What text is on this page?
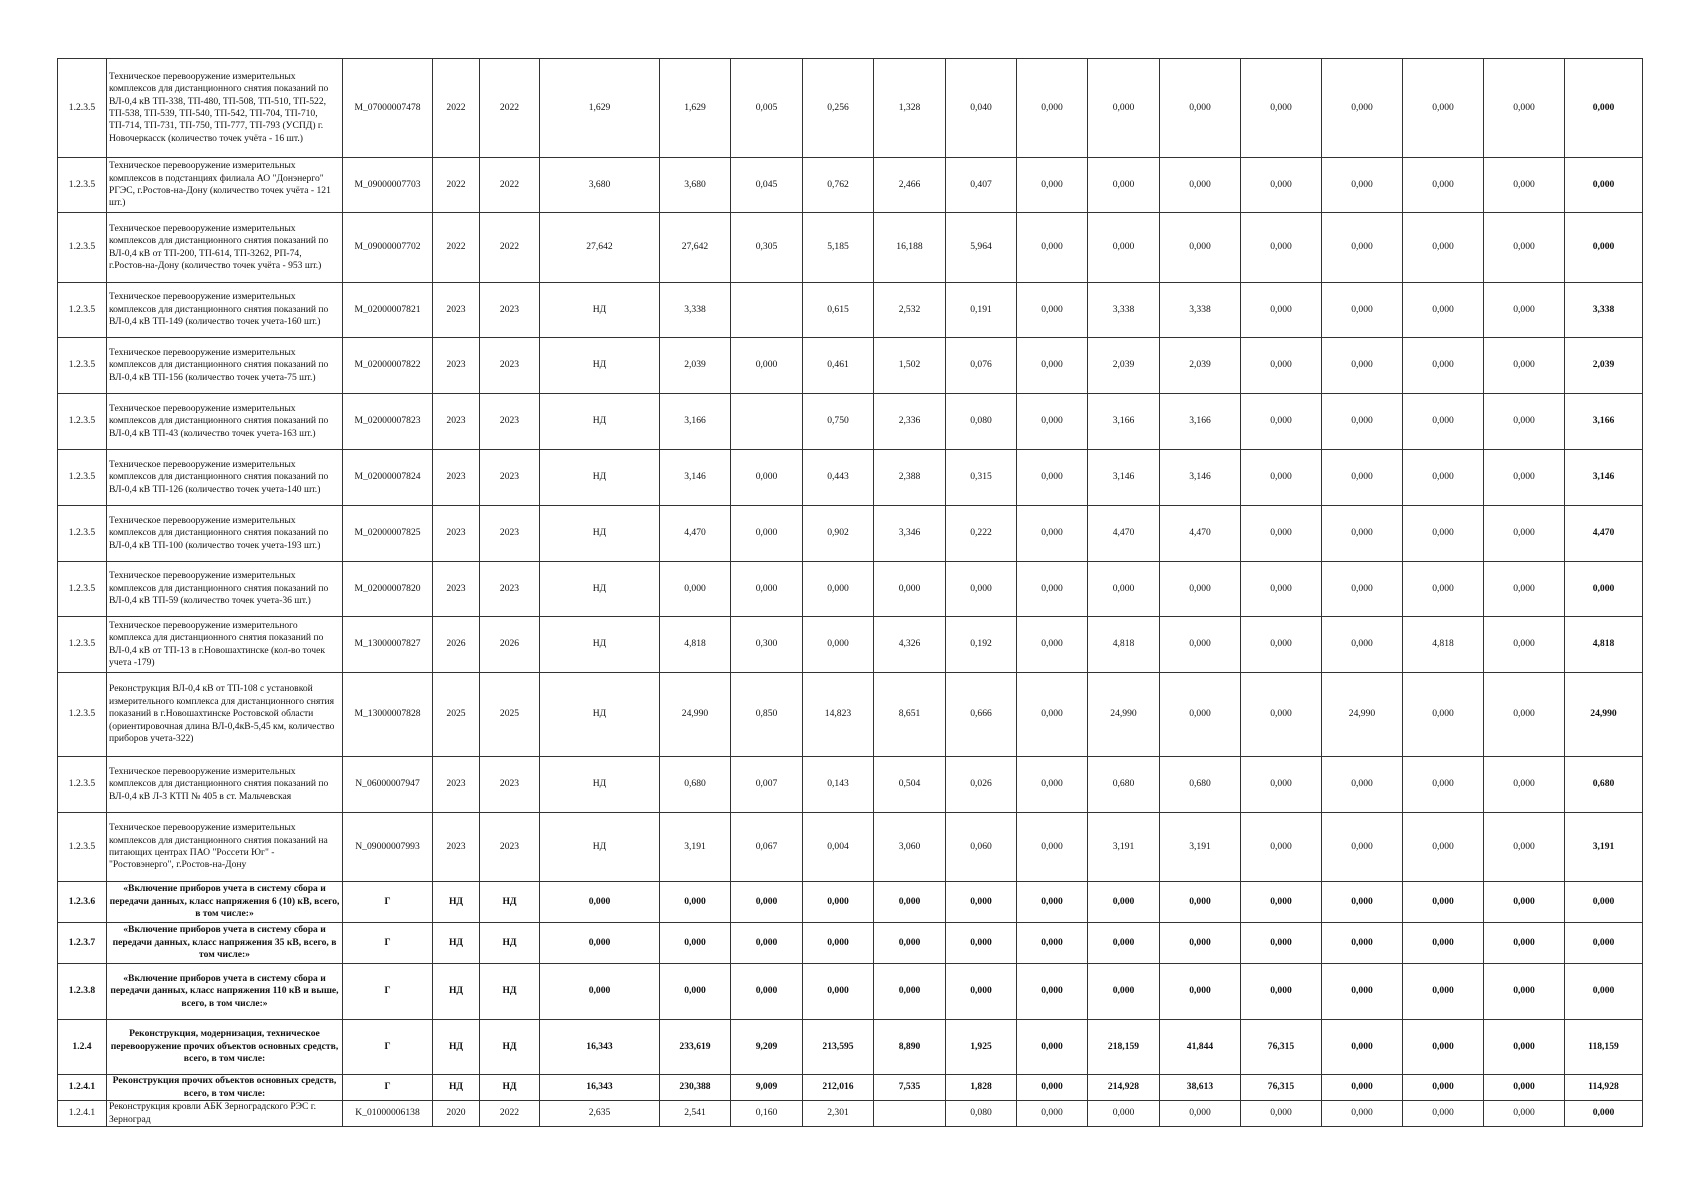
1.2.3.5	Техническое перевооружение измерительных комплексов для дистанционного снятия показаний по ВЛ-0,4 кВ ТП-338, ТП-480, ТП-508, ТП-510, ТП-522, ТП-538, ТП-539, ТП-540, ТП-542, ТП-704, ТП-710, ТП-714, ТП-731, ТП-750, ТП-777, ТП-793 (УСПД) г. Новочеркасск (количество точек учёта - 16 шт.)	M_07000007478	2022	2022	1,629	1,629	0,005	0,256	1,328	0,040	0,000	0,000	0,000	0,000	0,000	0,000	0,000	0,000
1.2.3.5	Техническое перевооружение измерительных комплексов в подстанциях филиала АО "Донэнерго" РГЭС, г.Ростов-на-Дону (количество точек учёта - 121 шт.)	M_09000007703	2022	2022	3,680	3,680	0,045	0,762	2,466	0,407	0,000	0,000	0,000	0,000	0,000	0,000	0,000	0,000
1.2.3.5	Техническое перевооружение измерительных комплексов для дистанционного снятия показаний по ВЛ-0,4 кВ от ТП-200, ТП-614, ТП-3262, РП-74, г.Ростов-на-Дону (количество точек учёта - 953 шт.)	M_09000007702	2022	2022	27,642	27,642	0,305	5,185	16,188	5,964	0,000	0,000	0,000	0,000	0,000	0,000	0,000	0,000
1.2.3.5	Техническое перевооружение измерительных комплексов для дистанционного снятия показаний по ВЛ-0,4 кВ ТП-149 (количество точек учета-160 шт.)	M_02000007821	2023	2023	НД	3,338		0,615	2,532	0,191	0,000	3,338	3,338	0,000	0,000	0,000	0,000	3,338
1.2.3.5	Техническое перевооружение измерительных комплексов для дистанционного снятия показаний по ВЛ-0,4 кВ ТП-156 (количество точек учета-75 шт.)	M_02000007822	2023	2023	НД	2,039	0,000	0,461	1,502	0,076	0,000	2,039	2,039	0,000	0,000	0,000	0,000	2,039
1.2.3.5	Техническое перевооружение измерительных комплексов для дистанционного снятия показаний по ВЛ-0,4 кВ ТП-43 (количество точек учета-163 шт.)	M_02000007823	2023	2023	НД	3,166		0,750	2,336	0,080	0,000	3,166	3,166	0,000	0,000	0,000	0,000	3,166
1.2.3.5	Техническое перевооружение измерительных комплексов для дистанционного снятия показаний по ВЛ-0,4 кВ ТП-126 (количество точек учета-140 шт.)	M_02000007824	2023	2023	НД	3,146	0,000	0,443	2,388	0,315	0,000	3,146	3,146	0,000	0,000	0,000	0,000	3,146
1.2.3.5	Техническое перевооружение измерительных комплексов для дистанционного снятия показаний по ВЛ-0,4 кВ ТП-100 (количество точек учета-193 шт.)	M_02000007825	2023	2023	НД	4,470	0,000	0,902	3,346	0,222	0,000	4,470	4,470	0,000	0,000	0,000	0,000	4,470
1.2.3.5	Техническое перевооружение измерительных комплексов для дистанционного снятия показаний по ВЛ-0,4 кВ ТП-59 (количество точек учета-36 шт.)	M_02000007820	2023	2023	НД	0,000	0,000	0,000	0,000	0,000	0,000	0,000	0,000	0,000	0,000	0,000	0,000	0,000
1.2.3.5	Техническое перевооружение измерительного комплекса для дистанционного снятия показаний по ВЛ-0,4 кВ от ТП-13 в г.Новошахтинске (кол-во точек учета -179)	M_13000007827	2026	2026	НД	4,818	0,300	0,000	4,326	0,192	0,000	4,818	0,000	0,000	0,000	4,818	0,000	4,818
1.2.3.5	Реконструкция ВЛ-0,4 кВ от ТП-108 с установкой измерительного комплекса для дистанционного снятия показаний в г.Новошахтинске Ростовской области (ориентировочная длина ВЛ-0,4кВ-5,45 км, количество приборов учета-322)	M_13000007828	2025	2025	НД	24,990	0,850	14,823	8,651	0,666	0,000	24,990	0,000	0,000	24,990	0,000	0,000	24,990
1.2.3.5	Техническое перевооружение измерительных комплексов для дистанционного снятия показаний по ВЛ-0,4 кВ Л-3 КТП № 405 в ст. Мальчевская	N_06000007947	2023	2023	НД	0,680	0,007	0,143	0,504	0,026	0,000	0,680	0,680	0,000	0,000	0,000	0,000	0,680
1.2.3.5	Техническое перевооружение измерительных комплексов для дистанционного снятия показаний на питающих центрах ПАО "Россети Юг" - "Ростовэнерго", г.Ростов-на-Дону	N_09000007993	2023	2023	НД	3,191	0,067	0,004	3,060	0,060	0,000	3,191	3,191	0,000	0,000	0,000	0,000	3,191
1.2.3.6	«Включение приборов учета в систему сбора и передачи данных, класс напряжения 6 (10) кВ, всего, в том числе:»	Г	НД	НД	0,000	0,000	0,000	0,000	0,000	0,000	0,000	0,000	0,000	0,000	0,000	0,000	0,000	0,000
1.2.3.7	«Включение приборов учета в систему сбора и передачи данных, класс напряжения 35 кВ, всего, в том числе:»	Г	НД	НД	0,000	0,000	0,000	0,000	0,000	0,000	0,000	0,000	0,000	0,000	0,000	0,000	0,000	0,000
1.2.3.8	«Включение приборов учета в систему сбора и передачи данных, класс напряжения 110 кВ и выше, всего, в том числе:»	Г	НД	НД	0,000	0,000	0,000	0,000	0,000	0,000	0,000	0,000	0,000	0,000	0,000	0,000	0,000	0,000
1.2.4	Реконструкция, модернизация, техническое перевооружение прочих объектов основных средств, всего, в том числе:	Г	НД	НД	16,343	233,619	9,209	213,595	8,890	1,925	0,000	218,159	41,844	76,315	0,000	0,000	0,000	118,159
1.2.4.1	Реконструкция прочих объектов основных средств, всего, в том числе:	Г	НД	НД	16,343	230,388	9,009	212,016	7,535	1,828	0,000	214,928	38,613	76,315	0,000	0,000	0,000	114,928
1.2.4.1	Реконструкция кровли АБК Зерноградского РЭС г. Зерноград	K_01000006138	2020	2022	2,635	2,541	0,160	2,301		0,080	0,000	0,000	0,000	0,000	0,000	0,000	0,000	0,000
